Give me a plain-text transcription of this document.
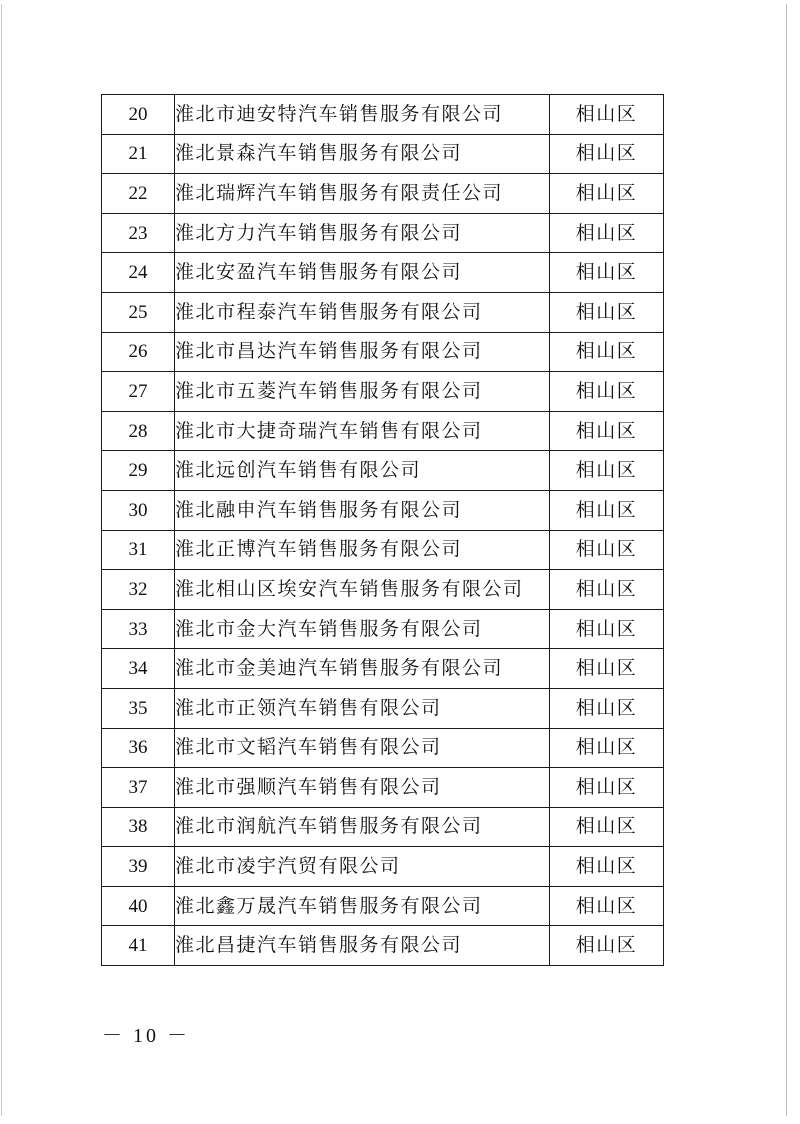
20	淮北市迪安特汽车销售服务有限公司	相山区
21	淮北景森汽车销售服务有限公司	相山区
22	淮北瑞辉汽车销售服务有限责任公司	相山区
23	淮北方力汽车销售服务有限公司	相山区
24	淮北安盈汽车销售服务有限公司	相山区
25	淮北市程泰汽车销售服务有限公司	相山区
26	淮北市昌达汽车销售服务有限公司	相山区
27	淮北市五菱汽车销售服务有限公司	相山区
28	淮北市大捷奇瑞汽车销售有限公司	相山区
29	淮北远创汽车销售有限公司	相山区
30	淮北融申汽车销售服务有限公司	相山区
31	淮北正博汽车销售服务有限公司	相山区
32	淮北相山区埃安汽车销售服务有限公司	相山区
33	淮北市金大汽车销售服务有限公司	相山区
34	淮北市金美迪汽车销售服务有限公司	相山区
35	淮北市正领汽车销售有限公司	相山区
36	淮北市文韬汽车销售有限公司	相山区
37	淮北市强顺汽车销售有限公司	相山区
38	淮北市润航汽车销售服务有限公司	相山区
39	淮北市凌宇汽贸有限公司	相山区
40	淮北鑫万晟汽车销售服务有限公司	相山区
41	淮北昌捷汽车销售服务有限公司	相山区
－ 10 －
